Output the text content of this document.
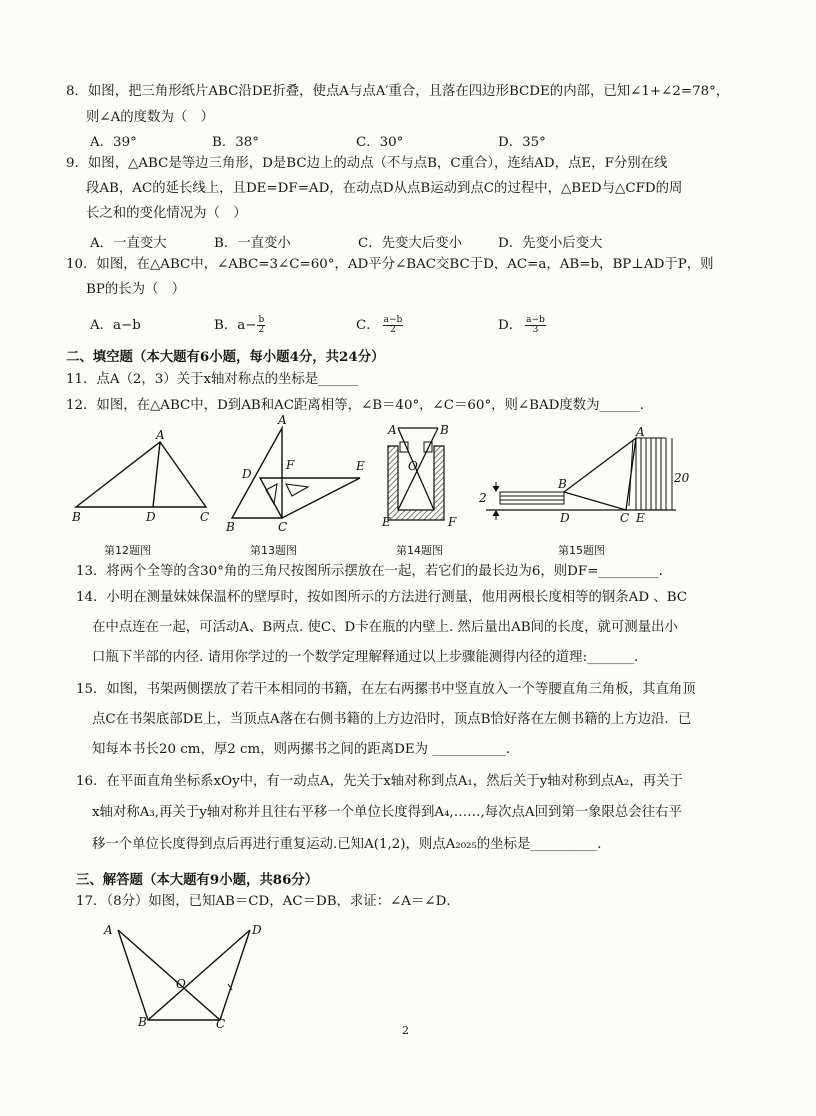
8．如图，把三角形纸片ABC沿DE折叠，使点A与点A′重合，且落在四边形BCDE的内部，已知∠1+∠2=78°，
则∠A的度数为（　）
A．39°	B．38°	C．30°	D．35°
9．如图，△ABC是等边三角形，D是BC边上的动点（不与点B，C重合），连结AD，点E，F分别在线
段AB，AC的延长线上，且DE=DF=AD，在动点D从点B运动到点C的过程中，△BED与△CFD的周
长之和的变化情况为（　）
A．一直变大	B．一直变小	C．先变大后变小	D．先变小后变大
10．如图，在△ABC中，∠ABC=3∠C=60°，AD平分∠BAC交BC于D，AC=a，AB=b，BP⊥AD于P，则
BP的长为（　）
A．a−b	B．$a- \frac{b}{2}$	C． $\frac{a-b}{2}$	D． $\frac{a-b}{3}$
二、填空题（本大题有6小题，每小题4分，共24分）
11．点A（2，3）关于x轴对称点的坐标是______
12．如图，在△ABC中，D到AB和AC距离相等，∠B＝40°，∠C＝60°，则∠BAD度数为______．
A
B	D	C
A
D
F	E
B	C
A	B
O
E	F
A
B
C E
D
2
20
第12题图	第13题图	第14题图	第15题图
13．将两个全等的含30°角的三角尺按图所示摆放在一起，若它们的最长边为6，则DF=_________．
14．小明在测量妹妹保温杯的壁厚时，按如图所示的方法进行测量，他用两根长度相等的钢条AD 、BC
在中点连在一起，可活动A、B两点. 使C、D卡在瓶的内壁上. 然后量出AB间的长度，就可测量出小
口瓶下半部的内径. 请用你学过的一个数学定理解释通过以上步骤能测得内径的道理:_______.
15．如图，书架两侧摆放了若干本相同的书籍，在左右两摞书中竖直放入一个等腰直角三角板，其直角顶
点C在书架底部DE上，当顶点A落在右侧书籍的上方边沿时，顶点B恰好落在左侧书籍的上方边沿．已
知每本书长20 cm，厚2 cm，则两摞书之间的距离DE为 ___________．
16．在平面直角坐标系xOy中，有一动点A，先关于x轴对称到点A₁，然后关于y轴对称到点A₂，再关于
x轴对称A₃,再关于y轴对称并且往右平移一个单位长度得到A₄,……,每次点A回到第一象限总会往右平
移一个单位长度得到点后再进行重复运动.已知A(1,2)，则点A₂₀₂₅的坐标是__________．
三、解答题（本大题有9小题，共86分）
17．（8分）如图，已知AB＝CD，AC＝DB，求证：∠A＝∠D．
A	D
O
B	C	2
